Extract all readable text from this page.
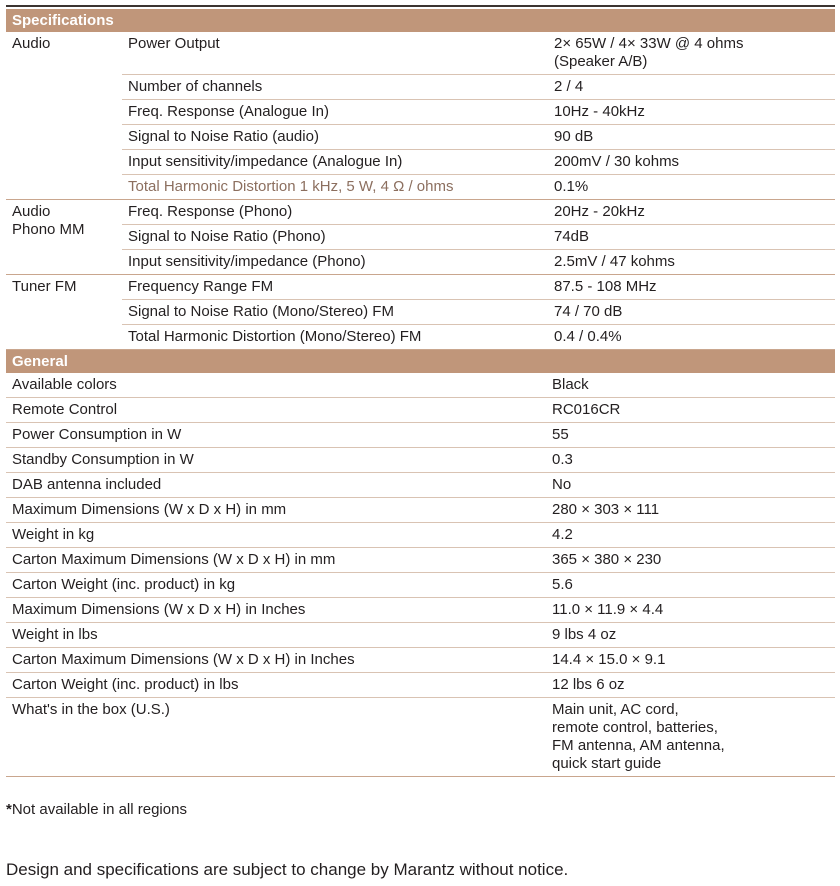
Specifications
Audio	Power Output	2× 65W / 4× 33W @ 4 ohms
(Speaker A/B)
	Number of channels	2 / 4
	Freq. Response (Analogue In)	10Hz - 40kHz
	Signal to Noise Ratio (audio)	90 dB
	Input sensitivity/impedance (Analogue In)	200mV / 30 kohms
	Total Harmonic Distortion 1 kHz, 5 W, 4 Ω / ohms	0.1%
Audio
Phono MM	Freq. Response (Phono)	20Hz - 20kHz
	Signal to Noise Ratio (Phono)	74dB
	Input sensitivity/impedance (Phono)	2.5mV / 47 kohms
Tuner FM	Frequency Range FM	87.5 - 108 MHz
	Signal to Noise Ratio (Mono/Stereo) FM	74 / 70 dB
	Total Harmonic Distortion (Mono/Stereo) FM	0.4 / 0.4%
General
Available colors	Black
Remote Control	RC016CR
Power Consumption in W	55
Standby Consumption in W	0.3
DAB antenna included	No
Maximum Dimensions (W x D x H) in mm	280 × 303 × 111
Weight in kg	4.2
Carton Maximum Dimensions (W x D x H) in mm	365 × 380 × 230
Carton Weight (inc. product) in kg	5.6
Maximum Dimensions (W x D x H) in Inches	11.0 × 11.9 × 4.4
Weight in lbs	9 lbs 4 oz
Carton Maximum Dimensions (W x D x H) in Inches	14.4 × 15.0 × 9.1
Carton Weight (inc. product) in lbs	12 lbs 6 oz
What's in the box (U.S.)	Main unit, AC cord,
remote control, batteries,
FM antenna, AM antenna,
quick start guide
*Not available in all regions
Design and specifications are subject to change by Marantz without notice.
